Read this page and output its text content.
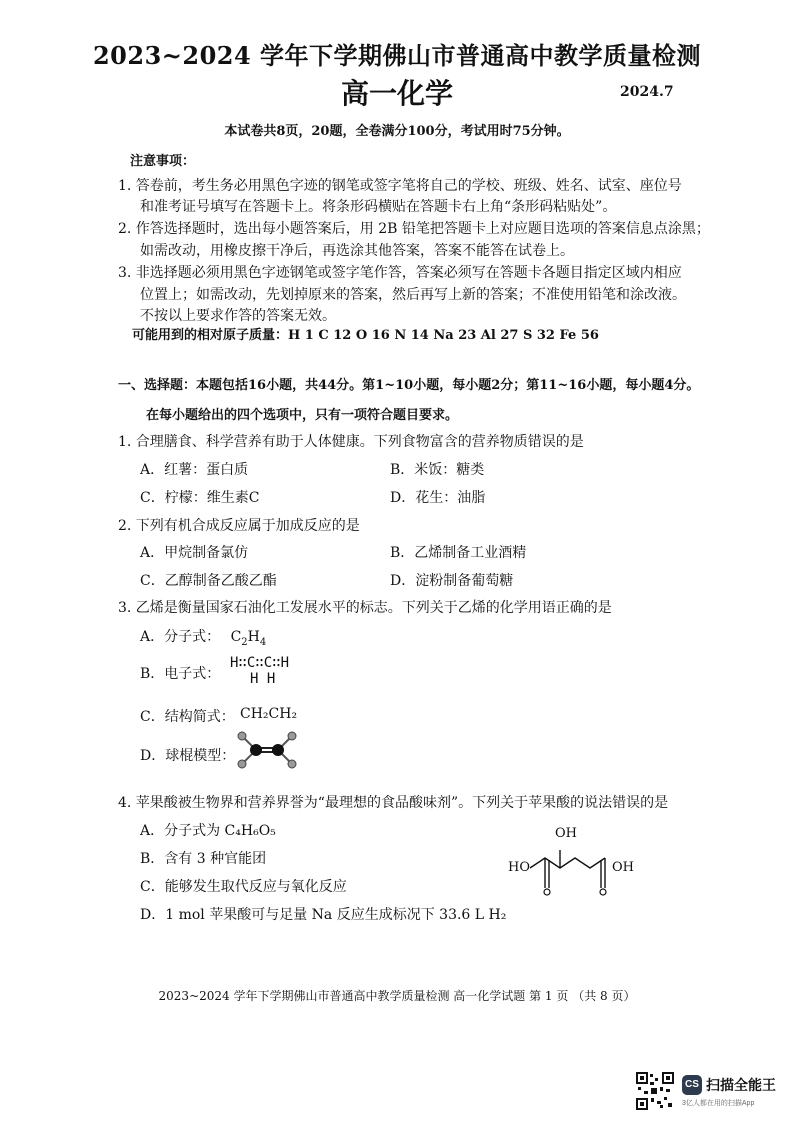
2023~2024 学年下学期佛山市普通高中教学质量检测
高一化学	2024.7
本试卷共8页，20题，全卷满分100分，考试用时75分钟。
注意事项：
1. 答卷前，考生务必用黑色字迹的钢笔或签字笔将自己的学校、班级、姓名、试室、座位号
和准考证号填写在答题卡上。将条形码横贴在答题卡右上角“条形码粘贴处”。
2. 作答选择题时，选出每小题答案后，用 2B 铅笔把答题卡上对应题目选项的答案信息点涂黑；
如需改动，用橡皮擦干净后，再选涂其他答案，答案不能答在试卷上。
3. 非选择题必须用黑色字迹钢笔或签字笔作答，答案必须写在答题卡各题目指定区域内相应
位置上；如需改动，先划掉原来的答案，然后再写上新的答案；不准使用铅笔和涂改液。
不按以上要求作答的答案无效。
可能用到的相对原子质量：H 1 C 12 O 16 N 14 Na 23 Al 27 S 32 Fe 56
一、选择题：本题包括16小题，共44分。第1~10小题，每小题2分；第11~16小题，每小题4分。
在每小题给出的四个选项中，只有一项符合题目要求。
1. 合理膳食、科学营养有助于人体健康。下列食物富含的营养物质错误的是
A．红薯：蛋白质	B．米饭：糖类
C．柠檬：维生素C	D．花生：油脂
2. 下列有机合成反应属于加成反应的是
A．甲烷制备氯仿	B．乙烯制备工业酒精
C．乙醇制备乙酸乙酯	D．淀粉制备葡萄糖
3. 乙烯是衡量国家石油化工发展水平的标志。下列关于乙烯的化学用语正确的是
A．分子式： $C_2H_4$
B．电子式：
H∷C∷C∷H
H H
C．结构简式： CH₂CH₂
D．球棍模型：
4. 苹果酸被生物界和营养界誉为“最理想的食品酸味剂”。下列关于苹果酸的说法错误的是
A．分子式为 C₄H₆O₅
B．含有 3 种官能团
C．能够发生取代反应与氧化反应
D．1 mol 苹果酸可与足量 Na 反应生成标况下 33.6 L H₂
OH
HO	OH
2023~2024 学年下学期佛山市普通高中教学质量检测 高一化学试题 第 1 页 （共 8 页）
CS 扫描全能王
3亿人都在用的扫描App
